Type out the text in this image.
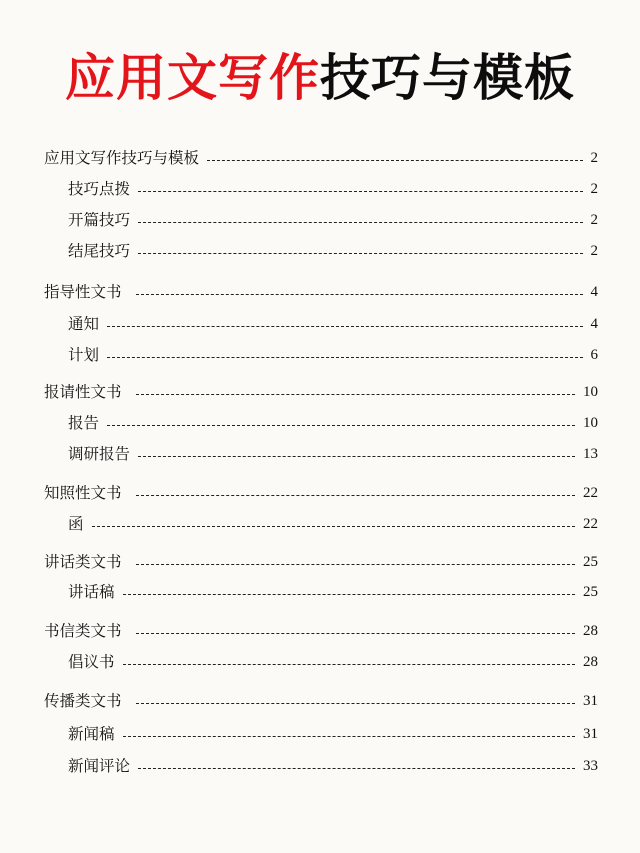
应用文写作技巧与模板
应用文写作技巧与模板	2
技巧点拨	2
开篇技巧	2
结尾技巧	2
指导性文书	4
通知	4
计划	6
报请性文书	10
报告	10
调研报告	13
知照性文书	22
函	22
讲话类文书	25
讲话稿	25
书信类文书	28
倡议书	28
传播类文书	31
新闻稿	31
新闻评论	33
